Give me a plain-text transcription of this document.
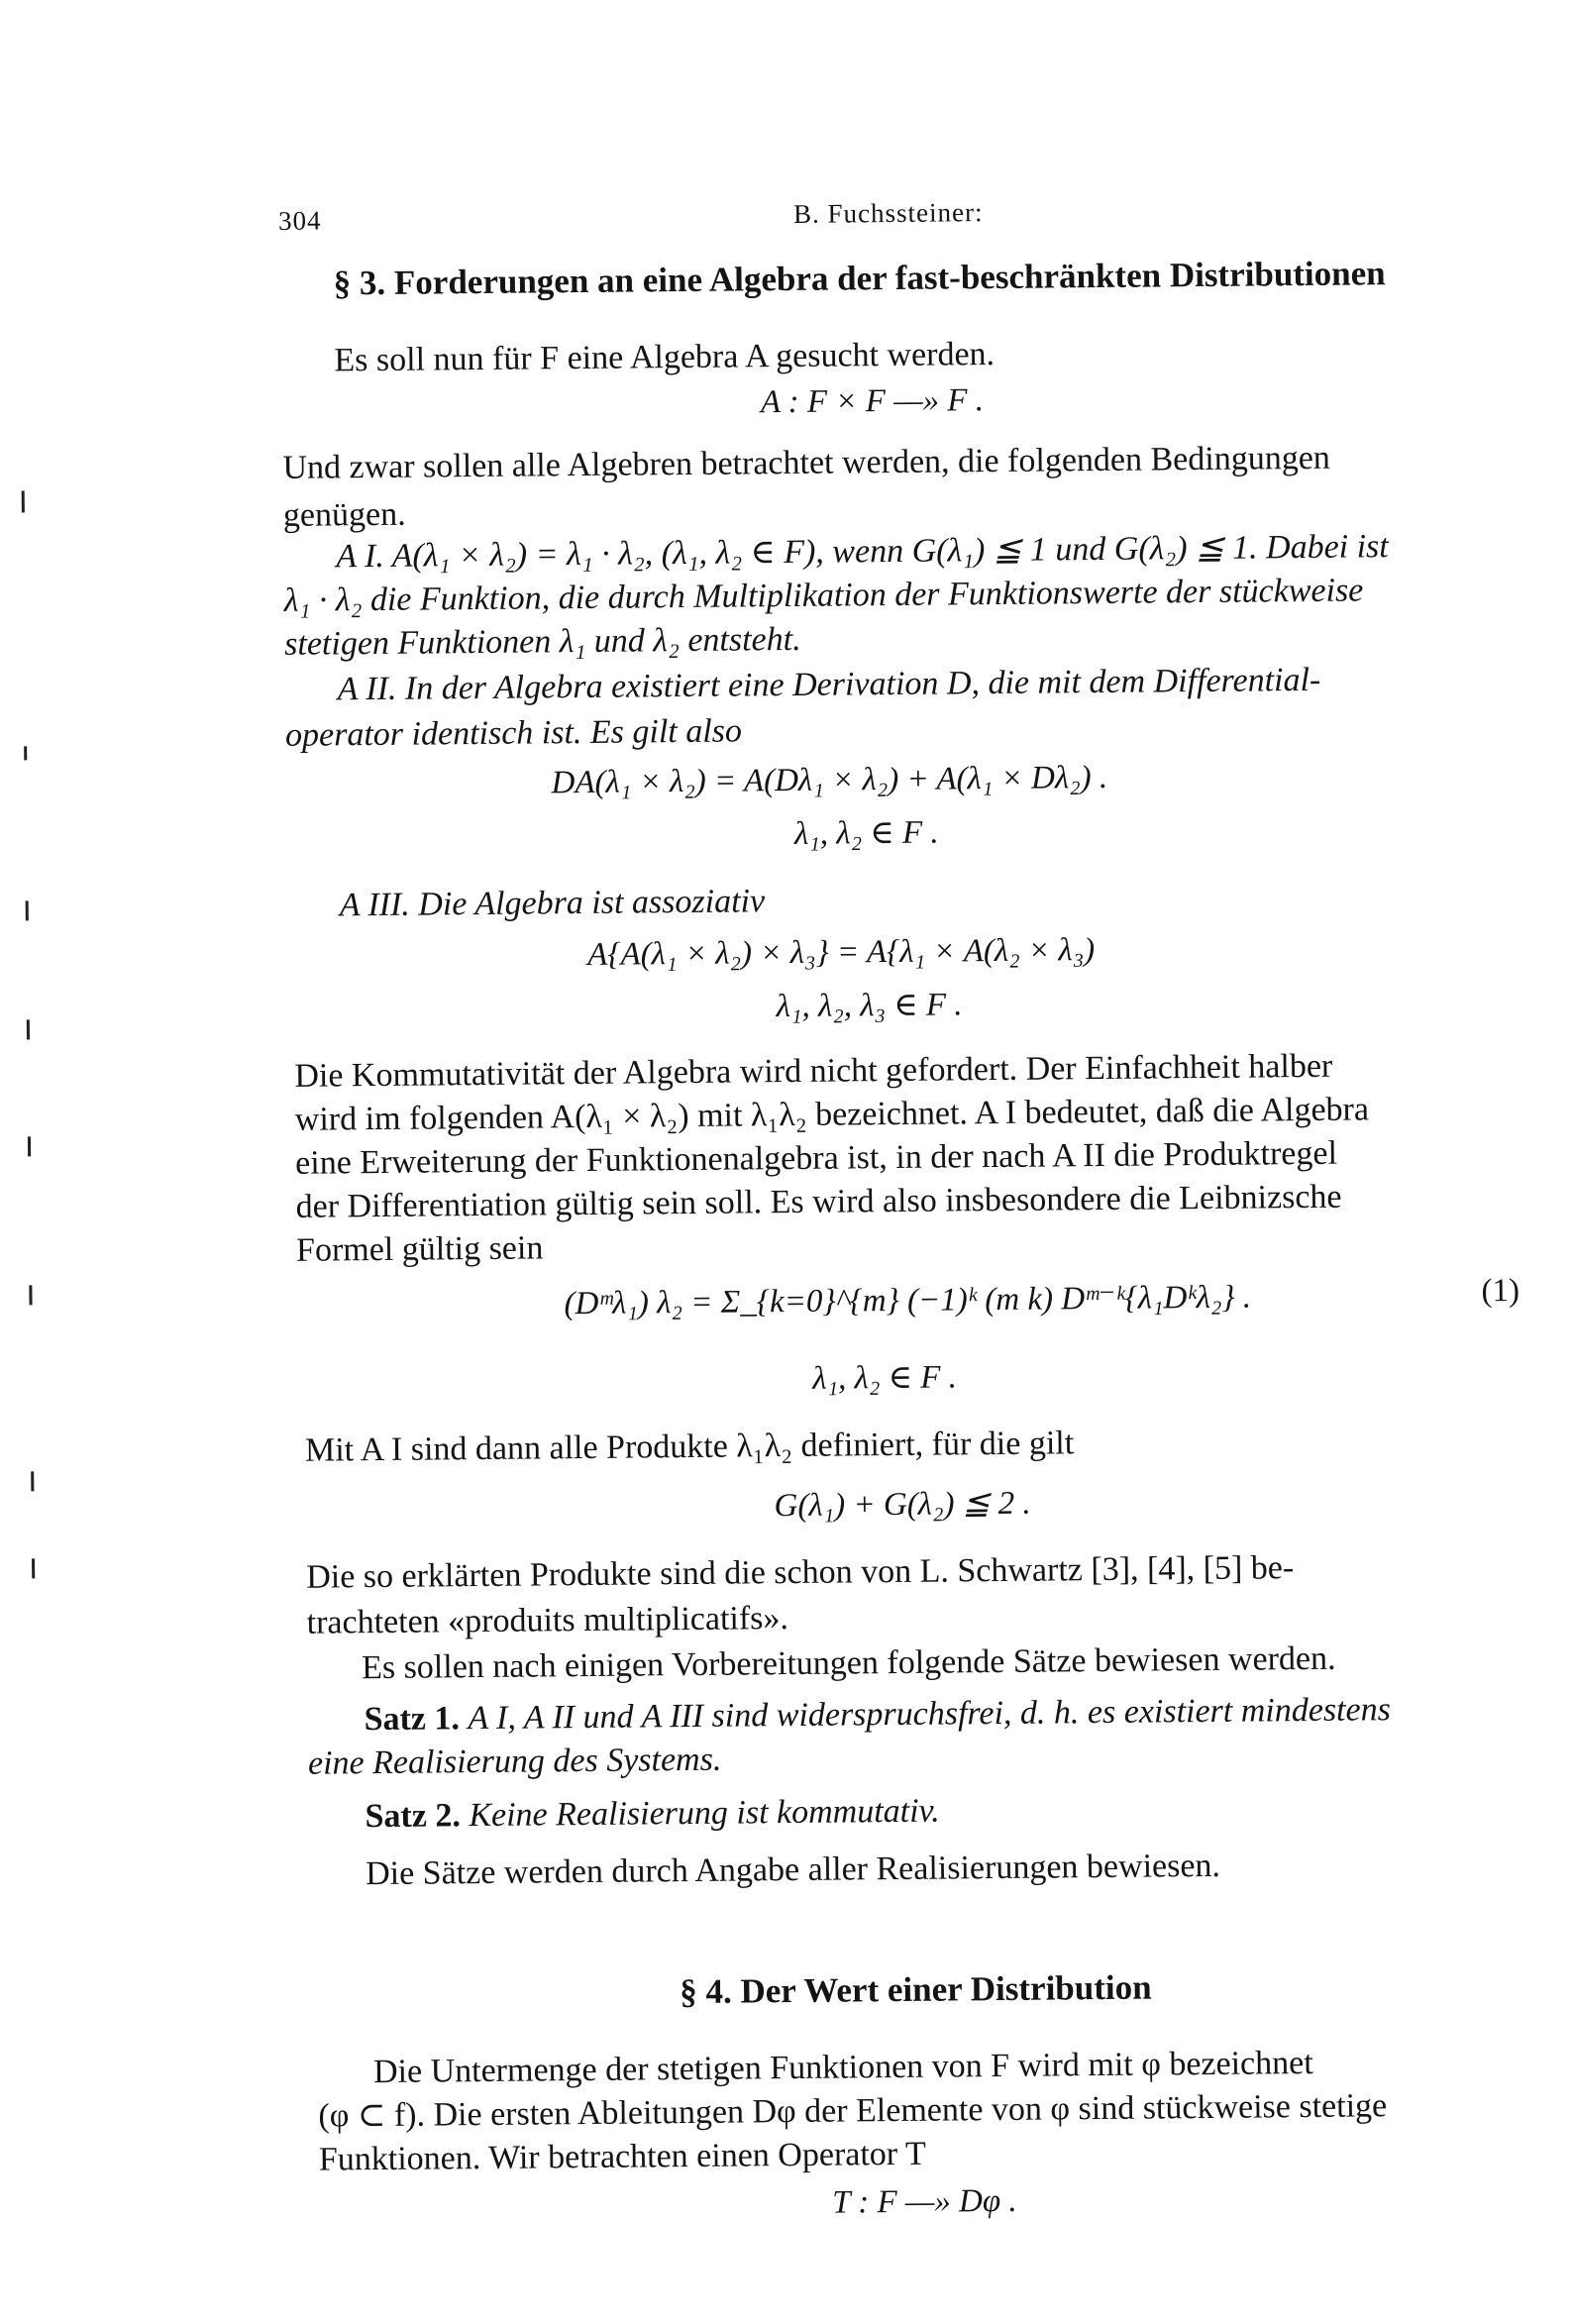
304	B. Fuchssteiner:
§ 3. Forderungen an eine Algebra der fast-beschränkten Distributionen
Es soll nun für F eine Algebra A gesucht werden.
A : F × F —» F .
Und zwar sollen alle Algebren betrachtet werden, die folgenden Bedingungen
genügen.
A I. A(λ₁ × λ₂) = λ₁ · λ₂, (λ₁, λ₂ ∈ F), wenn G(λ₁) ≦ 1 und G(λ₂) ≦ 1. Dabei ist
λ₁ · λ₂ die Funktion, die durch Multiplikation der Funktionswerte der stückweise
stetigen Funktionen λ₁ und λ₂ entsteht.
A II. In der Algebra existiert eine Derivation D, die mit dem Differential-
operator identisch ist. Es gilt also
DA(λ₁ × λ₂) = A(Dλ₁ × λ₂) + A(λ₁ × Dλ₂) .
λ₁, λ₂ ∈ F .
A III. Die Algebra ist assoziativ
A{A(λ₁ × λ₂) × λ₃} = A{λ₁ × A(λ₂ × λ₃)
λ₁, λ₂, λ₃ ∈ F .
Die Kommutativität der Algebra wird nicht gefordert. Der Einfachheit halber
wird im folgenden A(λ₁ × λ₂) mit λ₁λ₂ bezeichnet. A I bedeutet, daß die Algebra
eine Erweiterung der Funktionenalgebra ist, in der nach A II die Produktregel
der Differentiation gültig sein soll. Es wird also insbesondere die Leibnizsche
Formel gültig sein
(Dᵐλ₁) λ₂ = Σ_{k=0}^{m} (−1)ᵏ (m k) Dᵐ⁻ᵏ{λ₁Dᵏλ₂} .	(1)
λ₁, λ₂ ∈ F .
Mit A I sind dann alle Produkte λ₁λ₂ definiert, für die gilt
G(λ₁) + G(λ₂) ≦ 2 .
Die so erklärten Produkte sind die schon von L. Schwartz [3], [4], [5] be-
trachteten «produits multiplicatifs».
Es sollen nach einigen Vorbereitungen folgende Sätze bewiesen werden.
Satz 1. A I, A II und A III sind widerspruchsfrei, d. h. es existiert mindestens
eine Realisierung des Systems.
Satz 2. Keine Realisierung ist kommutativ.
Die Sätze werden durch Angabe aller Realisierungen bewiesen.
§ 4. Der Wert einer Distribution
Die Untermenge der stetigen Funktionen von F wird mit φ bezeichnet
(φ ⊂ f). Die ersten Ableitungen Dφ der Elemente von φ sind stückweise stetige
Funktionen. Wir betrachten einen Operator T
T : F —» Dφ .
